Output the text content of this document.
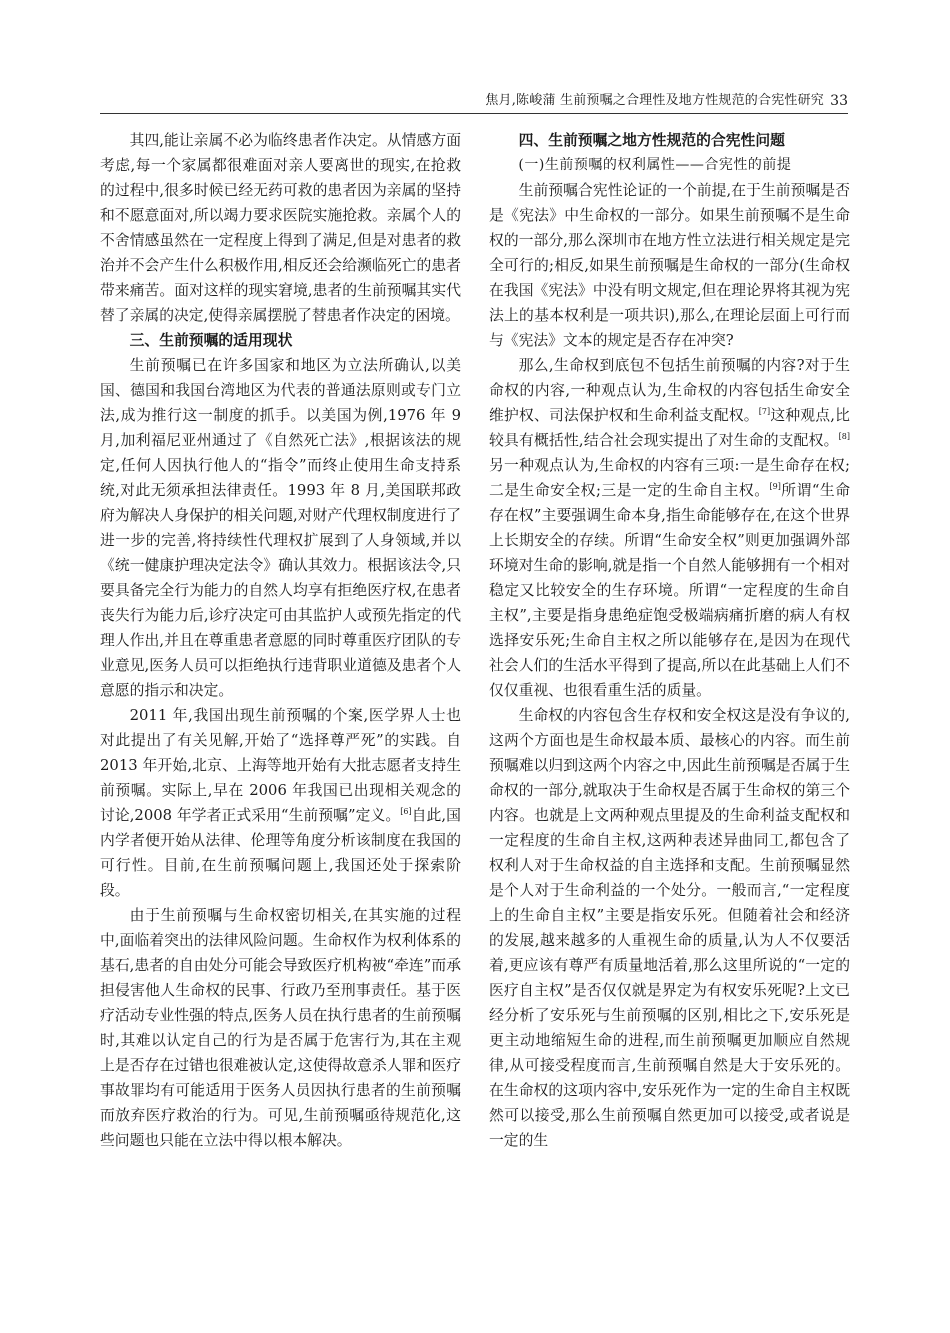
焦月,陈峻蒲 生前预嘱之合理性及地方性规范的合宪性研究 33

其四,能让亲属不必为临终患者作决定。从情感方面考虑,每一个家属都很难面对亲人要离世的现实,在抢救的过程中,很多时候已经无药可救的患者因为亲属的坚持和不愿意面对,所以竭力要求医院实施抢救。亲属个人的不舍情感虽然在一定程度上得到了满足,但是对患者的救治并不会产生什么积极作用,相反还会给濒临死亡的患者带来痛苦。面对这样的现实窘境,患者的生前预嘱其实代替了亲属的决定,使得亲属摆脱了替患者作决定的困境。

三、生前预嘱的适用现状

生前预嘱已在许多国家和地区为立法所确认,以美国、德国和我国台湾地区为代表的普通法原则或专门立法,成为推行这一制度的抓手。以美国为例,1976 年 9 月,加利福尼亚州通过了《自然死亡法》,根据该法的规定,任何人因执行他人的“指令”而终止使用生命支持系统,对此无须承担法律责任。1993 年 8 月,美国联邦政府为解决人身保护的相关问题,对财产代理权制度进行了进一步的完善,将持续性代理权扩展到了人身领域,并以《统一健康护理决定法令》确认其效力。根据该法令,只要具备完全行为能力的自然人均享有拒绝医疗权,在患者丧失行为能力后,诊疗决定可由其监护人或预先指定的代理人作出,并且在尊重患者意愿的同时尊重医疗团队的专业意见,医务人员可以拒绝执行违背职业道德及患者个人意愿的指示和决定。

2011 年,我国出现生前预嘱的个案,医学界人士也对此提出了有关见解,开始了“选择尊严死”的实践。自 2013 年开始,北京、上海等地开始有大批志愿者支持生前预嘱。实际上,早在 2006 年我国已出现相关观念的讨论,2008 年学者正式采用“生前预嘱”定义。[6]自此,国内学者便开始从法律、伦理等角度分析该制度在我国的可行性。目前,在生前预嘱问题上,我国还处于探索阶段。

由于生前预嘱与生命权密切相关,在其实施的过程中,面临着突出的法律风险问题。生命权作为权利体系的基石,患者的自由处分可能会导致医疗机构被“牵连”而承担侵害他人生命权的民事、行政乃至刑事责任。基于医疗活动专业性强的特点,医务人员在执行患者的生前预嘱时,其难以认定自己的行为是否属于危害行为,其在主观上是否存在过错也很难被认定,这使得故意杀人罪和医疗事故罪均有可能适用于医务人员因执行患者的生前预嘱而放弃医疗救治的行为。可见,生前预嘱亟待规范化,这些问题也只能在立法中得以根本解决。

四、生前预嘱之地方性规范的合宪性问题
(一)生前预嘱的权利属性——合宪性的前提

生前预嘱合宪性论证的一个前提,在于生前预嘱是否是《宪法》中生命权的一部分。如果生前预嘱不是生命权的一部分,那么深圳市在地方性立法进行相关规定是完全可行的;相反,如果生前预嘱是生命权的一部分(生命权在我国《宪法》中没有明文规定,但在理论界将其视为宪法上的基本权利是一项共识),那么,在理论层面上可行而与《宪法》文本的规定是否存在冲突?

那么,生命权到底包不包括生前预嘱的内容?对于生命权的内容,一种观点认为,生命权的内容包括生命安全维护权、司法保护权和生命利益支配权。[7]这种观点,比较具有概括性,结合社会现实提出了对生命的支配权。[8]另一种观点认为,生命权的内容有三项:一是生命存在权;二是生命安全权;三是一定的生命自主权。[9]所谓“生命存在权”主要强调生命本身,指生命能够存在,在这个世界上长期安全的存续。所谓“生命安全权”则更加强调外部环境对生命的影响,就是指一个自然人能够拥有一个相对稳定又比较安全的生存环境。所谓“一定程度的生命自主权”,主要是指身患绝症饱受极端病痛折磨的病人有权选择安乐死;生命自主权之所以能够存在,是因为在现代社会人们的生活水平得到了提高,所以在此基础上人们不仅仅重视、也很看重生活的质量。

生命权的内容包含生存权和安全权这是没有争议的,这两个方面也是生命权最本质、最核心的内容。而生前预嘱难以归到这两个内容之中,因此生前预嘱是否属于生命权的一部分,就取决于生命权是否属于生命权的第三个内容。也就是上文两种观点里提及的生命利益支配权和一定程度的生命自主权,这两种表述异曲同工,都包含了权利人对于生命权益的自主选择和支配。生前预嘱显然是个人对于生命利益的一个处分。一般而言,“一定程度上的生命自主权”主要是指安乐死。但随着社会和经济的发展,越来越多的人重视生命的质量,认为人不仅要活着,更应该有尊严有质量地活着,那么这里所说的“一定的医疗自主权”是否仅仅就是界定为有权安乐死呢?上文已经分析了安乐死与生前预嘱的区别,相比之下,安乐死是更主动地缩短生命的进程,而生前预嘱更加顺应自然规律,从可接受程度而言,生前预嘱自然是大于安乐死的。在生命权的这项内容中,安乐死作为一定的生命自主权既然可以接受,那么生前预嘱自然更加可以接受,或者说是一定的生
